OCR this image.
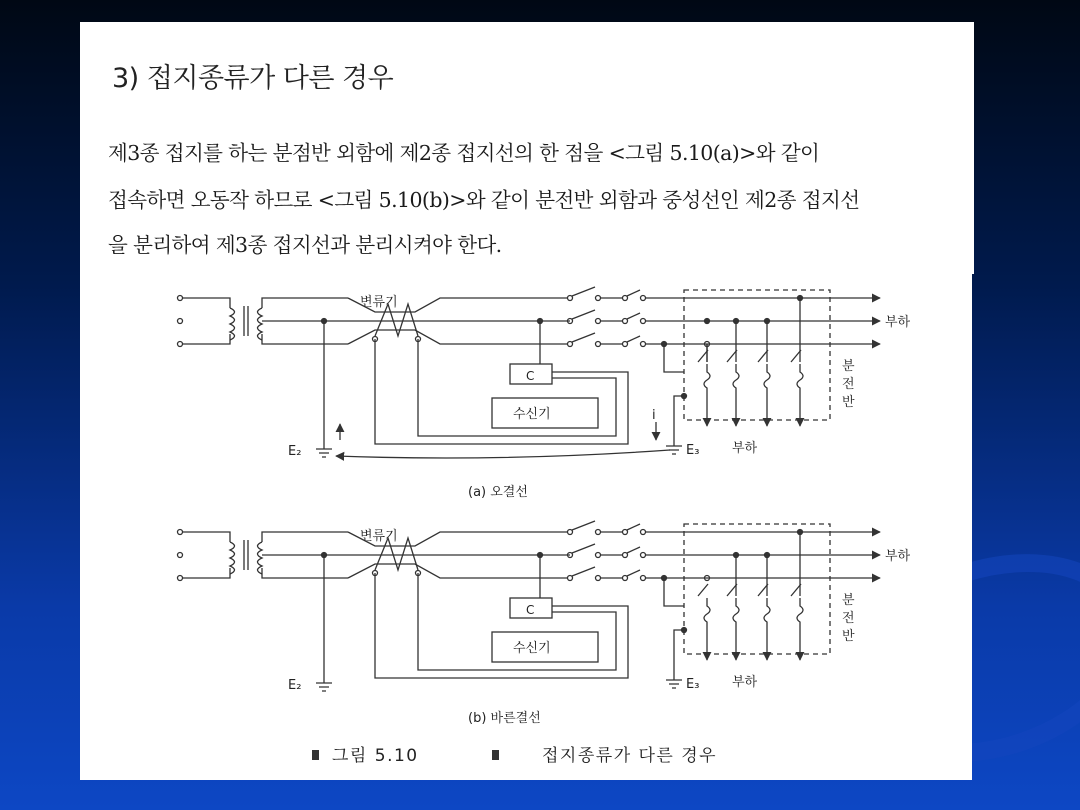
3) 접지종류가 다른 경우
제3종 접지를 하는 분점반 외함에 제2종 접지선의 한 점을 <그림 5.10(a)>와 같이
접속하면 오동작 하므로 <그림 5.10(b)>와 같이 분전반 외함과 중성선인 제2종 접지선
을 분리하여 제3종 접지선과 분리시켜야 한다.
변류기
C
수신기
부하
부하
분
전
반
E₂	E₃
i
(a) 오결선
변류기
C
수신기
부하
부하
분
전
반
E₂	E₃
(b) 바른결선
그림 5.10	접지종류가 다른 경우
